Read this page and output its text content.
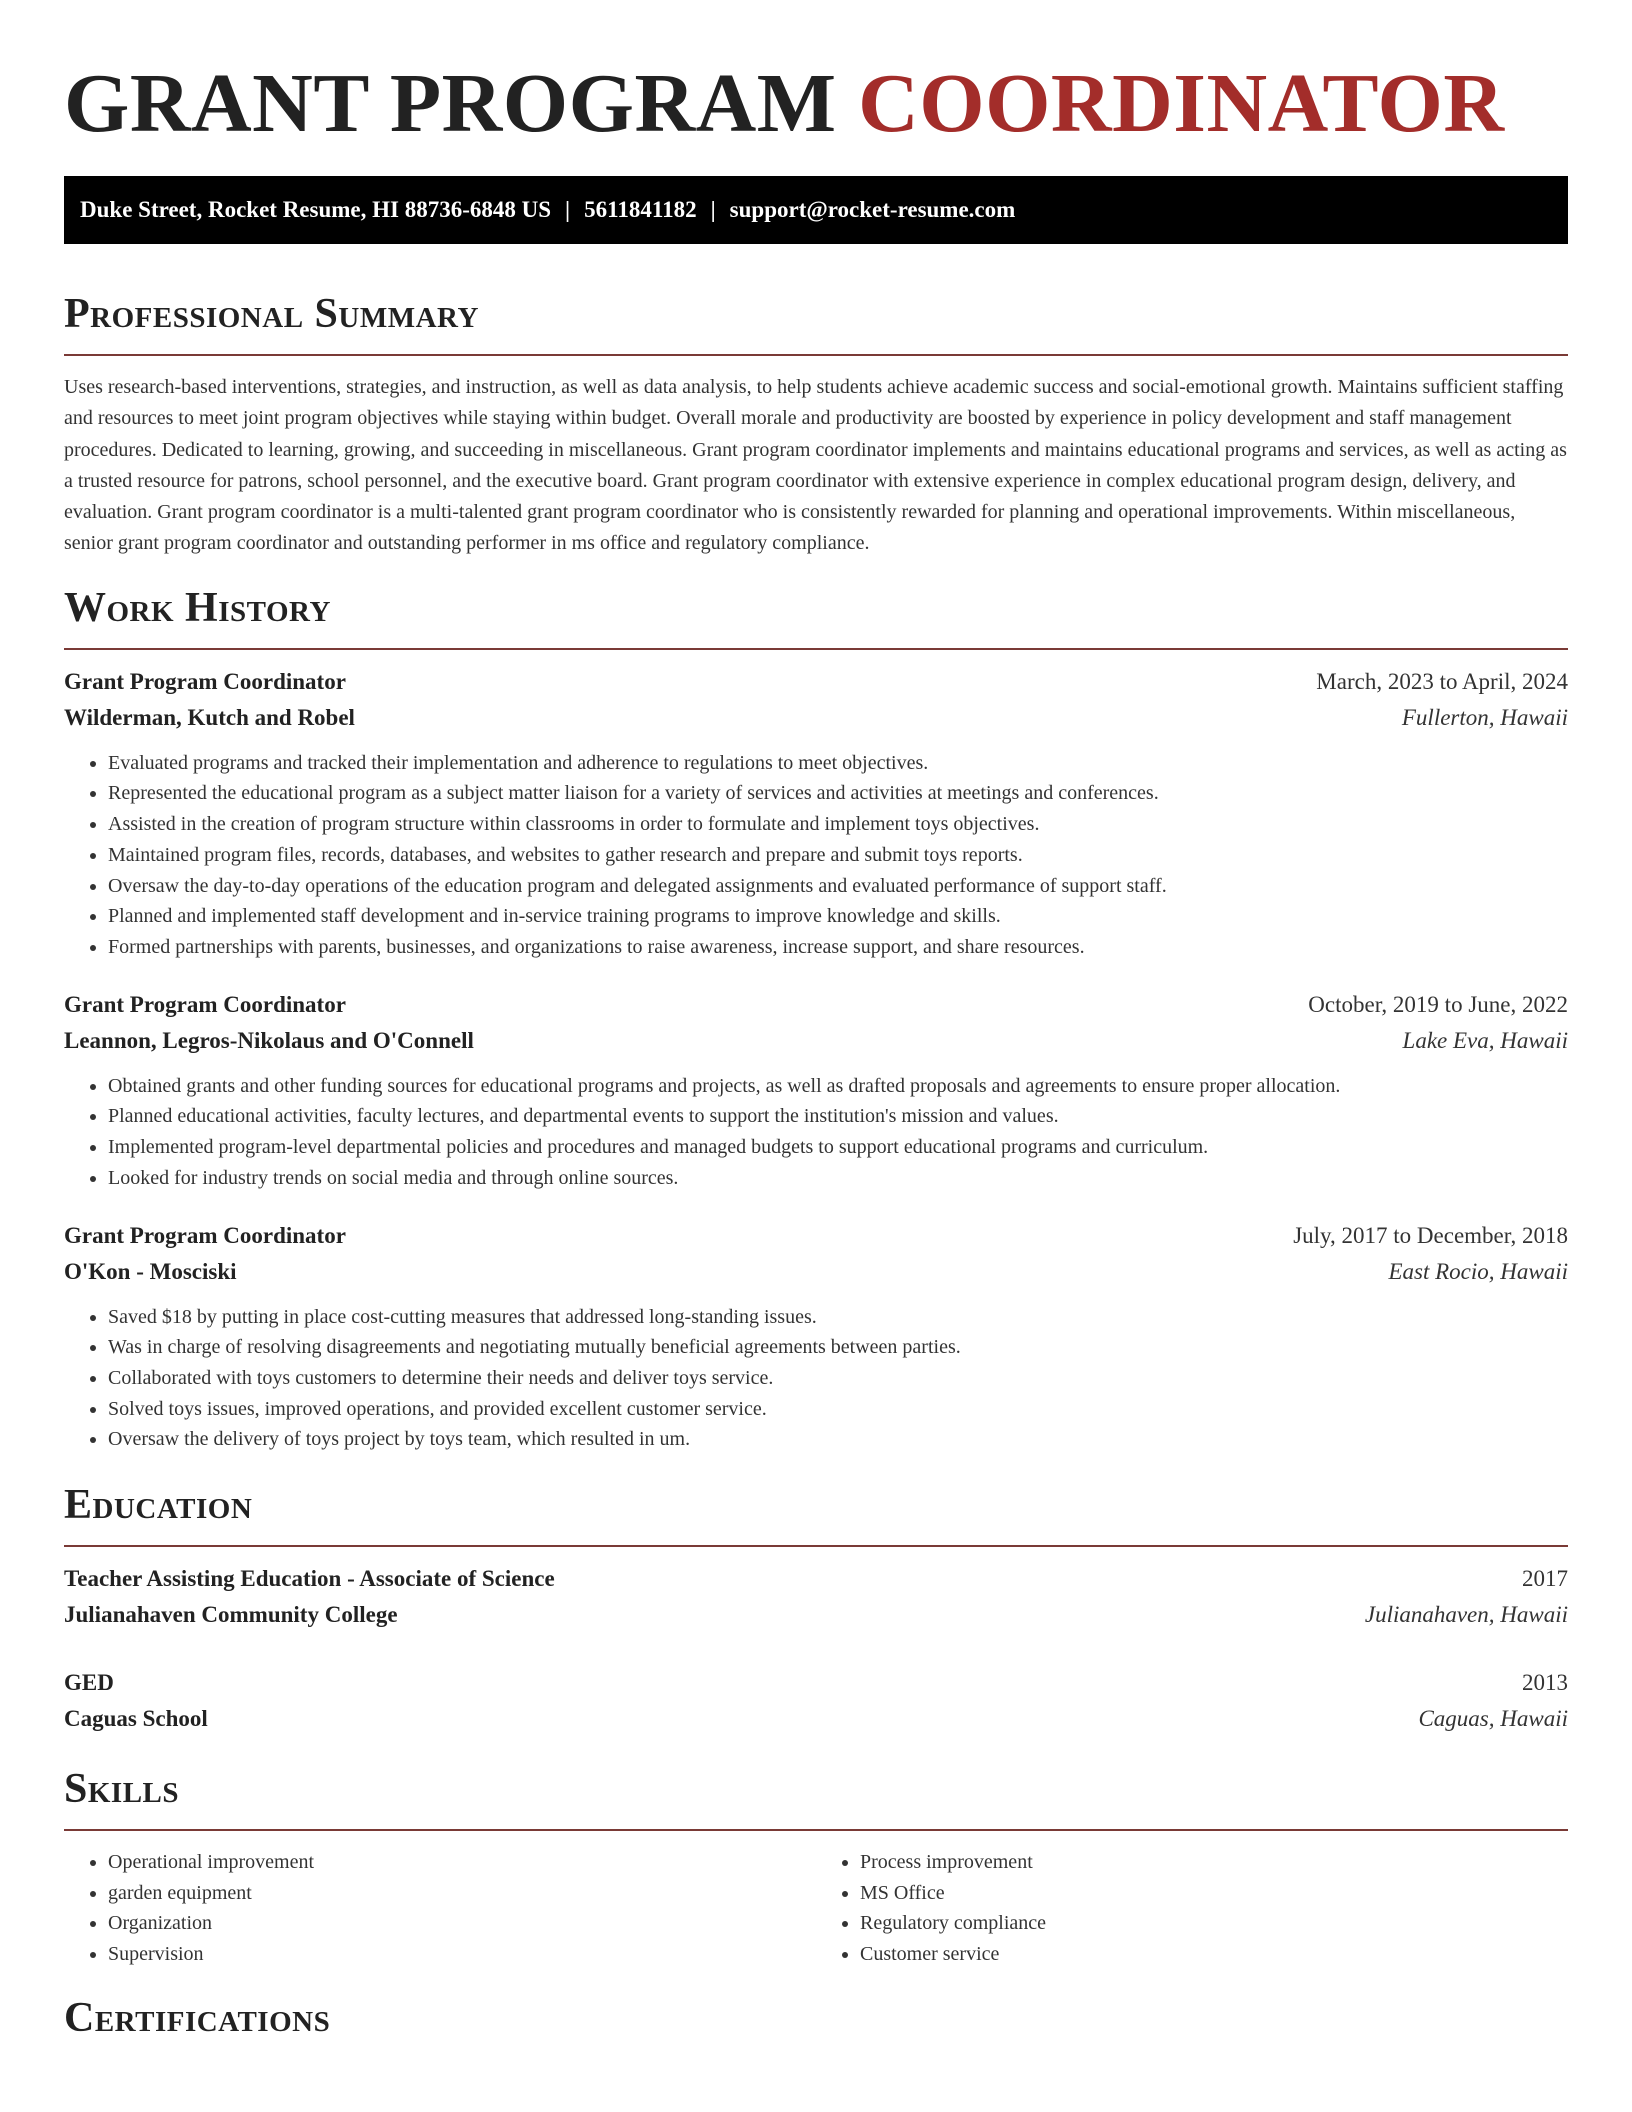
GRANT PROGRAM COORDINATOR
Duke Street, Rocket Resume, HI 88736-6848 US | 5611841182 | support@rocket-resume.com
Professional Summary

Uses research-based interventions, strategies, and instruction, as well as data analysis, to help students achieve academic success and social-emotional growth. Maintains sufficient staffing and resources to meet joint program objectives while staying within budget. Overall morale and productivity are boosted by experience in policy development and staff management procedures. Dedicated to learning, growing, and succeeding in miscellaneous. Grant program coordinator implements and maintains educational programs and services, as well as acting as a trusted resource for patrons, school personnel, and the executive board. Grant program coordinator with extensive experience in complex educational program design, delivery, and evaluation. Grant program coordinator is a multi-talented grant program coordinator who is consistently rewarded for planning and operational improvements. Within miscellaneous, senior grant program coordinator and outstanding performer in ms office and regulatory compliance.

Work History
Grant Program Coordinator	March, 2023 to April, 2024
Wilderman, Kutch and Robel	Fullerton, Hawaii
• Evaluated programs and tracked their implementation and adherence to regulations to meet objectives.
• Represented the educational program as a subject matter liaison for a variety of services and activities at meetings and conferences.
• Assisted in the creation of program structure within classrooms in order to formulate and implement toys objectives.
• Maintained program files, records, databases, and websites to gather research and prepare and submit toys reports.
• Oversaw the day-to-day operations of the education program and delegated assignments and evaluated performance of support staff.
• Planned and implemented staff development and in-service training programs to improve knowledge and skills.
• Formed partnerships with parents, businesses, and organizations to raise awareness, increase support, and share resources.
Grant Program Coordinator	October, 2019 to June, 2022
Leannon, Legros-Nikolaus and O'Connell	Lake Eva, Hawaii
• Obtained grants and other funding sources for educational programs and projects, as well as drafted proposals and agreements to ensure proper allocation.
• Planned educational activities, faculty lectures, and departmental events to support the institution's mission and values.
• Implemented program-level departmental policies and procedures and managed budgets to support educational programs and curriculum.
• Looked for industry trends on social media and through online sources.
Grant Program Coordinator	July, 2017 to December, 2018
O'Kon - Mosciski	East Rocio, Hawaii
• Saved $18 by putting in place cost-cutting measures that addressed long-standing issues.
• Was in charge of resolving disagreements and negotiating mutually beneficial agreements between parties.
• Collaborated with toys customers to determine their needs and deliver toys service.
• Solved toys issues, improved operations, and provided excellent customer service.
• Oversaw the delivery of toys project by toys team, which resulted in um.
Education
Teacher Assisting Education - Associate of Science	2017
Julianahaven Community College	Julianahaven, Hawaii
GED	2013
Caguas School	Caguas, Hawaii
Skills
• Operational improvement
• garden equipment
• Organization
• Supervision
• Process improvement
• MS Office
• Regulatory compliance
• Customer service
Certifications
